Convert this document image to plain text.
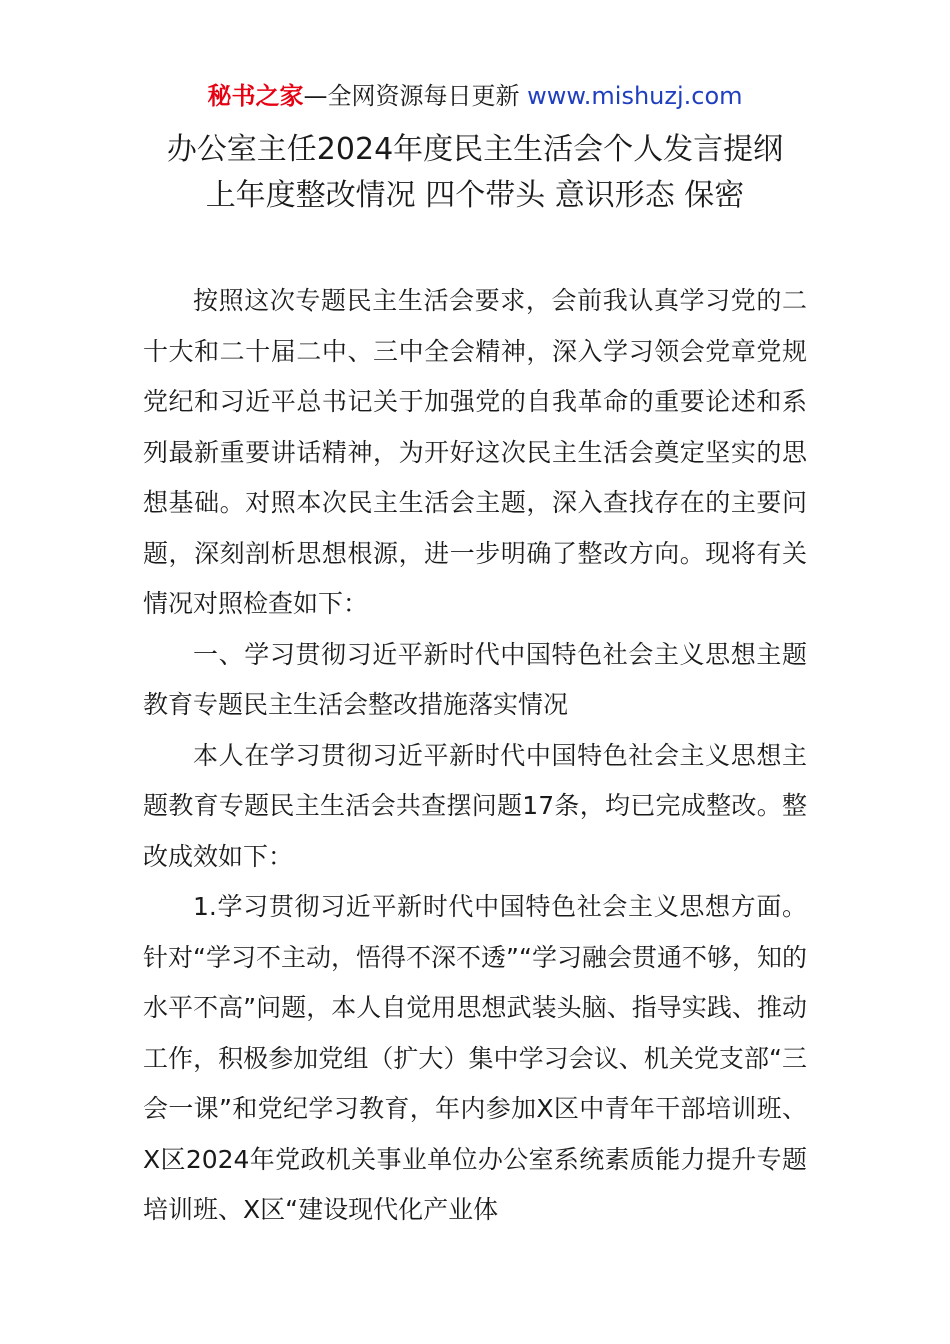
秘书之家—全网资源每日更新 www.mishuzj.com
办公室主任2024年度民主生活会个人发言提纲
上年度整改情况 四个带头 意识形态 保密

按照这次专题民主生活会要求，会前我认真学习党的二十大和二十届二中、三中全会精神，深入学习领会党章党规党纪和习近平总书记关于加强党的自我革命的重要论述和系列最新重要讲话精神，为开好这次民主生活会奠定坚实的思想基础。对照本次民主生活会主题，深入查找存在的主要问题，深刻剖析思想根源，进一步明确了整改方向。现将有关情况对照检查如下：

一、学习贯彻习近平新时代中国特色社会主义思想主题教育专题民主生活会整改措施落实情况

本人在学习贯彻习近平新时代中国特色社会主义思想主题教育专题民主生活会共查摆问题17条，均已完成整改。整改成效如下：

1.学习贯彻习近平新时代中国特色社会主义思想方面。针对“学习不主动，悟得不深不透”“学习融会贯通不够，知的水平不高”问题，本人自觉用思想武装头脑、指导实践、推动工作，积极参加党组（扩大）集中学习会议、机关党支部“三会一课”和党纪学习教育，年内参加X区中青年干部培训班、X区2024年党政机关事业单位办公室系统素质能力提升专题培训班、X区“建设现代化产业体
